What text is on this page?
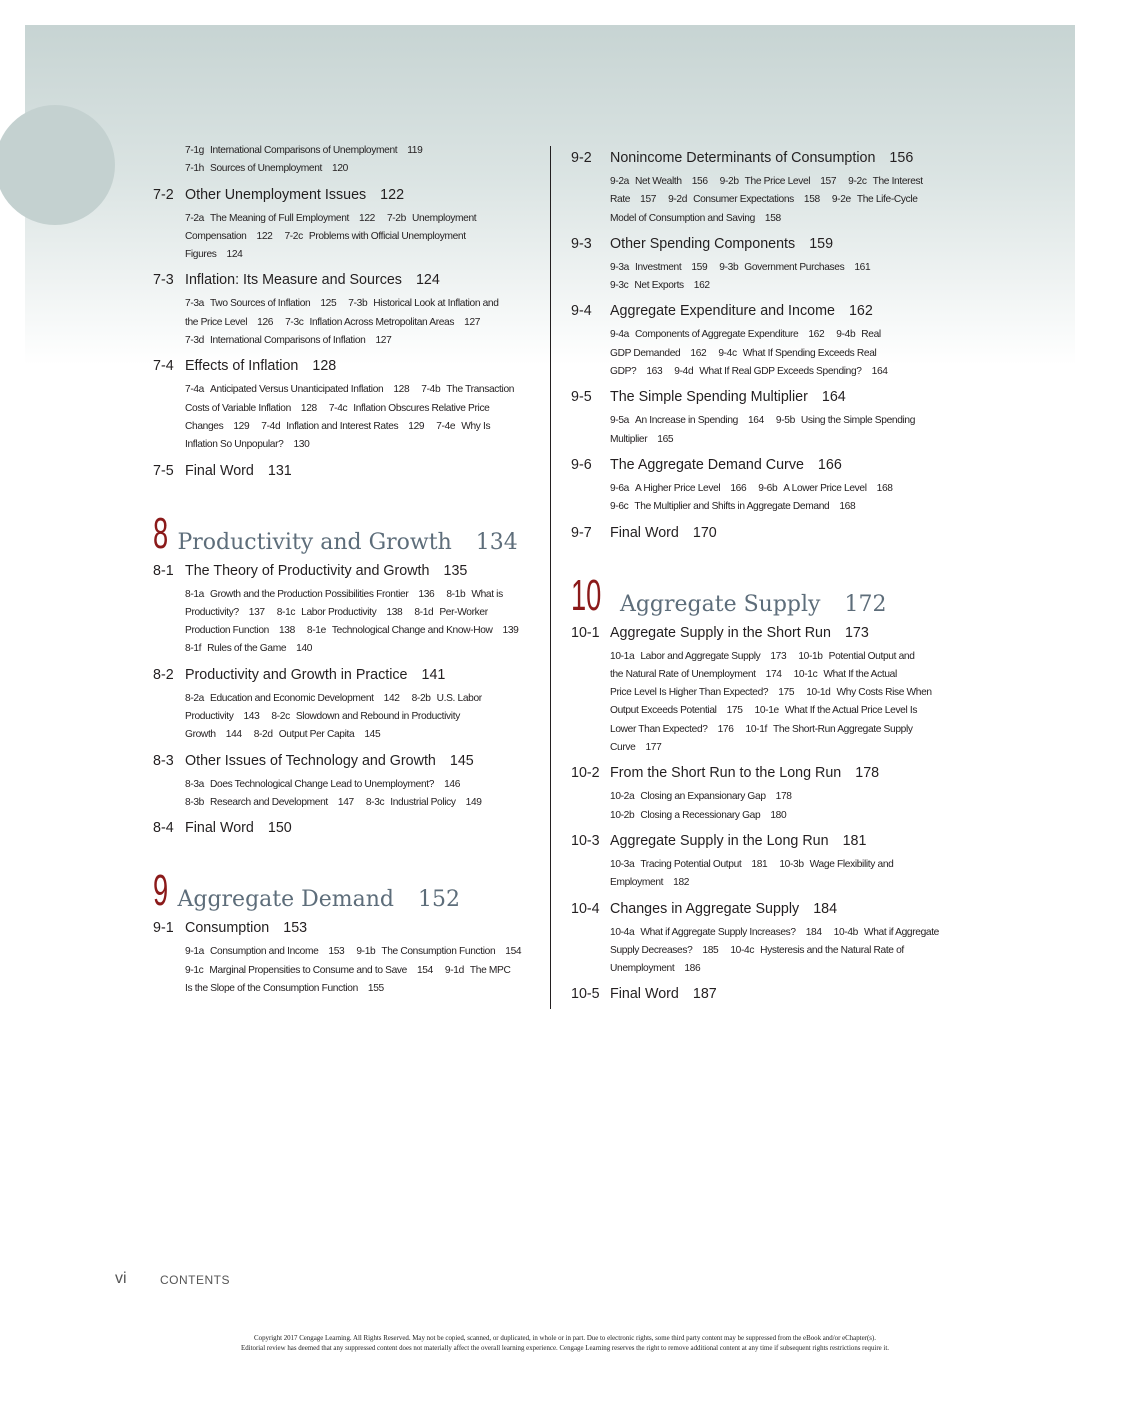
7-1g International Comparisons of Unemployment 119
7-1h Sources of Unemployment 120
7-2 Other Unemployment Issues 122
7-2a The Meaning of Full Employment 122 7-2b Unemployment
Compensation 122 7-2c Problems with Official Unemployment
Figures 124
7-3 Inflation: Its Measure and Sources 124
7-3a Two Sources of Inflation 125 7-3b Historical Look at Inflation and
the Price Level 126 7-3c Inflation Across Metropolitan Areas 127
7-3d International Comparisons of Inflation 127
7-4 Effects of Inflation 128
7-4a Anticipated Versus Unanticipated Inflation 128 7-4b The Transaction
Costs of Variable Inflation 128 7-4c Inflation Obscures Relative Price
Changes 129 7-4d Inflation and Interest Rates 129 7-4e Why Is
Inflation So Unpopular? 130
7-5 Final Word 131
8 Productivity and Growth 134
8-1 The Theory of Productivity and Growth 135
8-1a Growth and the Production Possibilities Frontier 136 8-1b What is
Productivity? 137 8-1c Labor Productivity 138 8-1d Per-Worker
Production Function 138 8-1e Technological Change and Know-How 139
8-1f Rules of the Game 140
8-2 Productivity and Growth in Practice 141
8-2a Education and Economic Development 142 8-2b U.S. Labor
Productivity 143 8-2c Slowdown and Rebound in Productivity
Growth 144 8-2d Output Per Capita 145
8-3 Other Issues of Technology and Growth 145
8-3a Does Technological Change Lead to Unemployment? 146
8-3b Research and Development 147 8-3c Industrial Policy 149
8-4 Final Word 150
9 Aggregate Demand 152
9-1 Consumption 153
9-1a Consumption and Income 153 9-1b The Consumption Function 154
9-1c Marginal Propensities to Consume and to Save 154 9-1d The MPC
Is the Slope of the Consumption Function 155
9-2	Nonincome Determinants of Consumption 156
9-2a Net Wealth 156 9-2b The Price Level 157 9-2c The Interest
Rate 157 9-2d Consumer Expectations 158 9-2e The Life-Cycle
Model of Consumption and Saving 158
9-3	Other Spending Components 159
9-3a Investment 159 9-3b Government Purchases 161
9-3c Net Exports 162
9-4	Aggregate Expenditure and Income 162
9-4a Components of Aggregate Expenditure 162 9-4b Real
GDP Demanded 162 9-4c What If Spending Exceeds Real
GDP? 163 9-4d What If Real GDP Exceeds Spending? 164
9-5	The Simple Spending Multiplier 164
9-5a An Increase in Spending 164 9-5b Using the Simple Spending
Multiplier 165
9-6	The Aggregate Demand Curve 166
9-6a A Higher Price Level 166 9-6b A Lower Price Level 168
9-6c The Multiplier and Shifts in Aggregate Demand 168
9-7	Final Word 170
10 Aggregate Supply 172
10-1 Aggregate Supply in the Short Run 173
10-1a Labor and Aggregate Supply 173 10-1b Potential Output and
the Natural Rate of Unemployment 174 10-1c What If the Actual
Price Level Is Higher Than Expected? 175 10-1d Why Costs Rise When
Output Exceeds Potential 175 10-1e What If the Actual Price Level Is
Lower Than Expected? 176 10-1f The Short-Run Aggregate Supply
Curve 177
10-2 From the Short Run to the Long Run 178
10-2a Closing an Expansionary Gap 178
10-2b Closing a Recessionary Gap 180
10-3 Aggregate Supply in the Long Run 181
10-3a Tracing Potential Output 181 10-3b Wage Flexibility and
Employment 182
10-4 Changes in Aggregate Supply 184
10-4a What if Aggregate Supply Increases? 184 10-4b What if Aggregate
Supply Decreases? 185 10-4c Hysteresis and the Natural Rate of
Unemployment 186
10-5 Final Word 187
vi	CONTENTS
Copyright 2017 Cengage Learning. All Rights Reserved. May not be copied, scanned, or duplicated, in whole or in part. Due to electronic rights, some third party content may be suppressed from the eBook and/or eChapter(s).
Editorial review has deemed that any suppressed content does not materially affect the overall learning experience. Cengage Learning reserves the right to remove additional content at any time if subsequent rights restrictions require it.
